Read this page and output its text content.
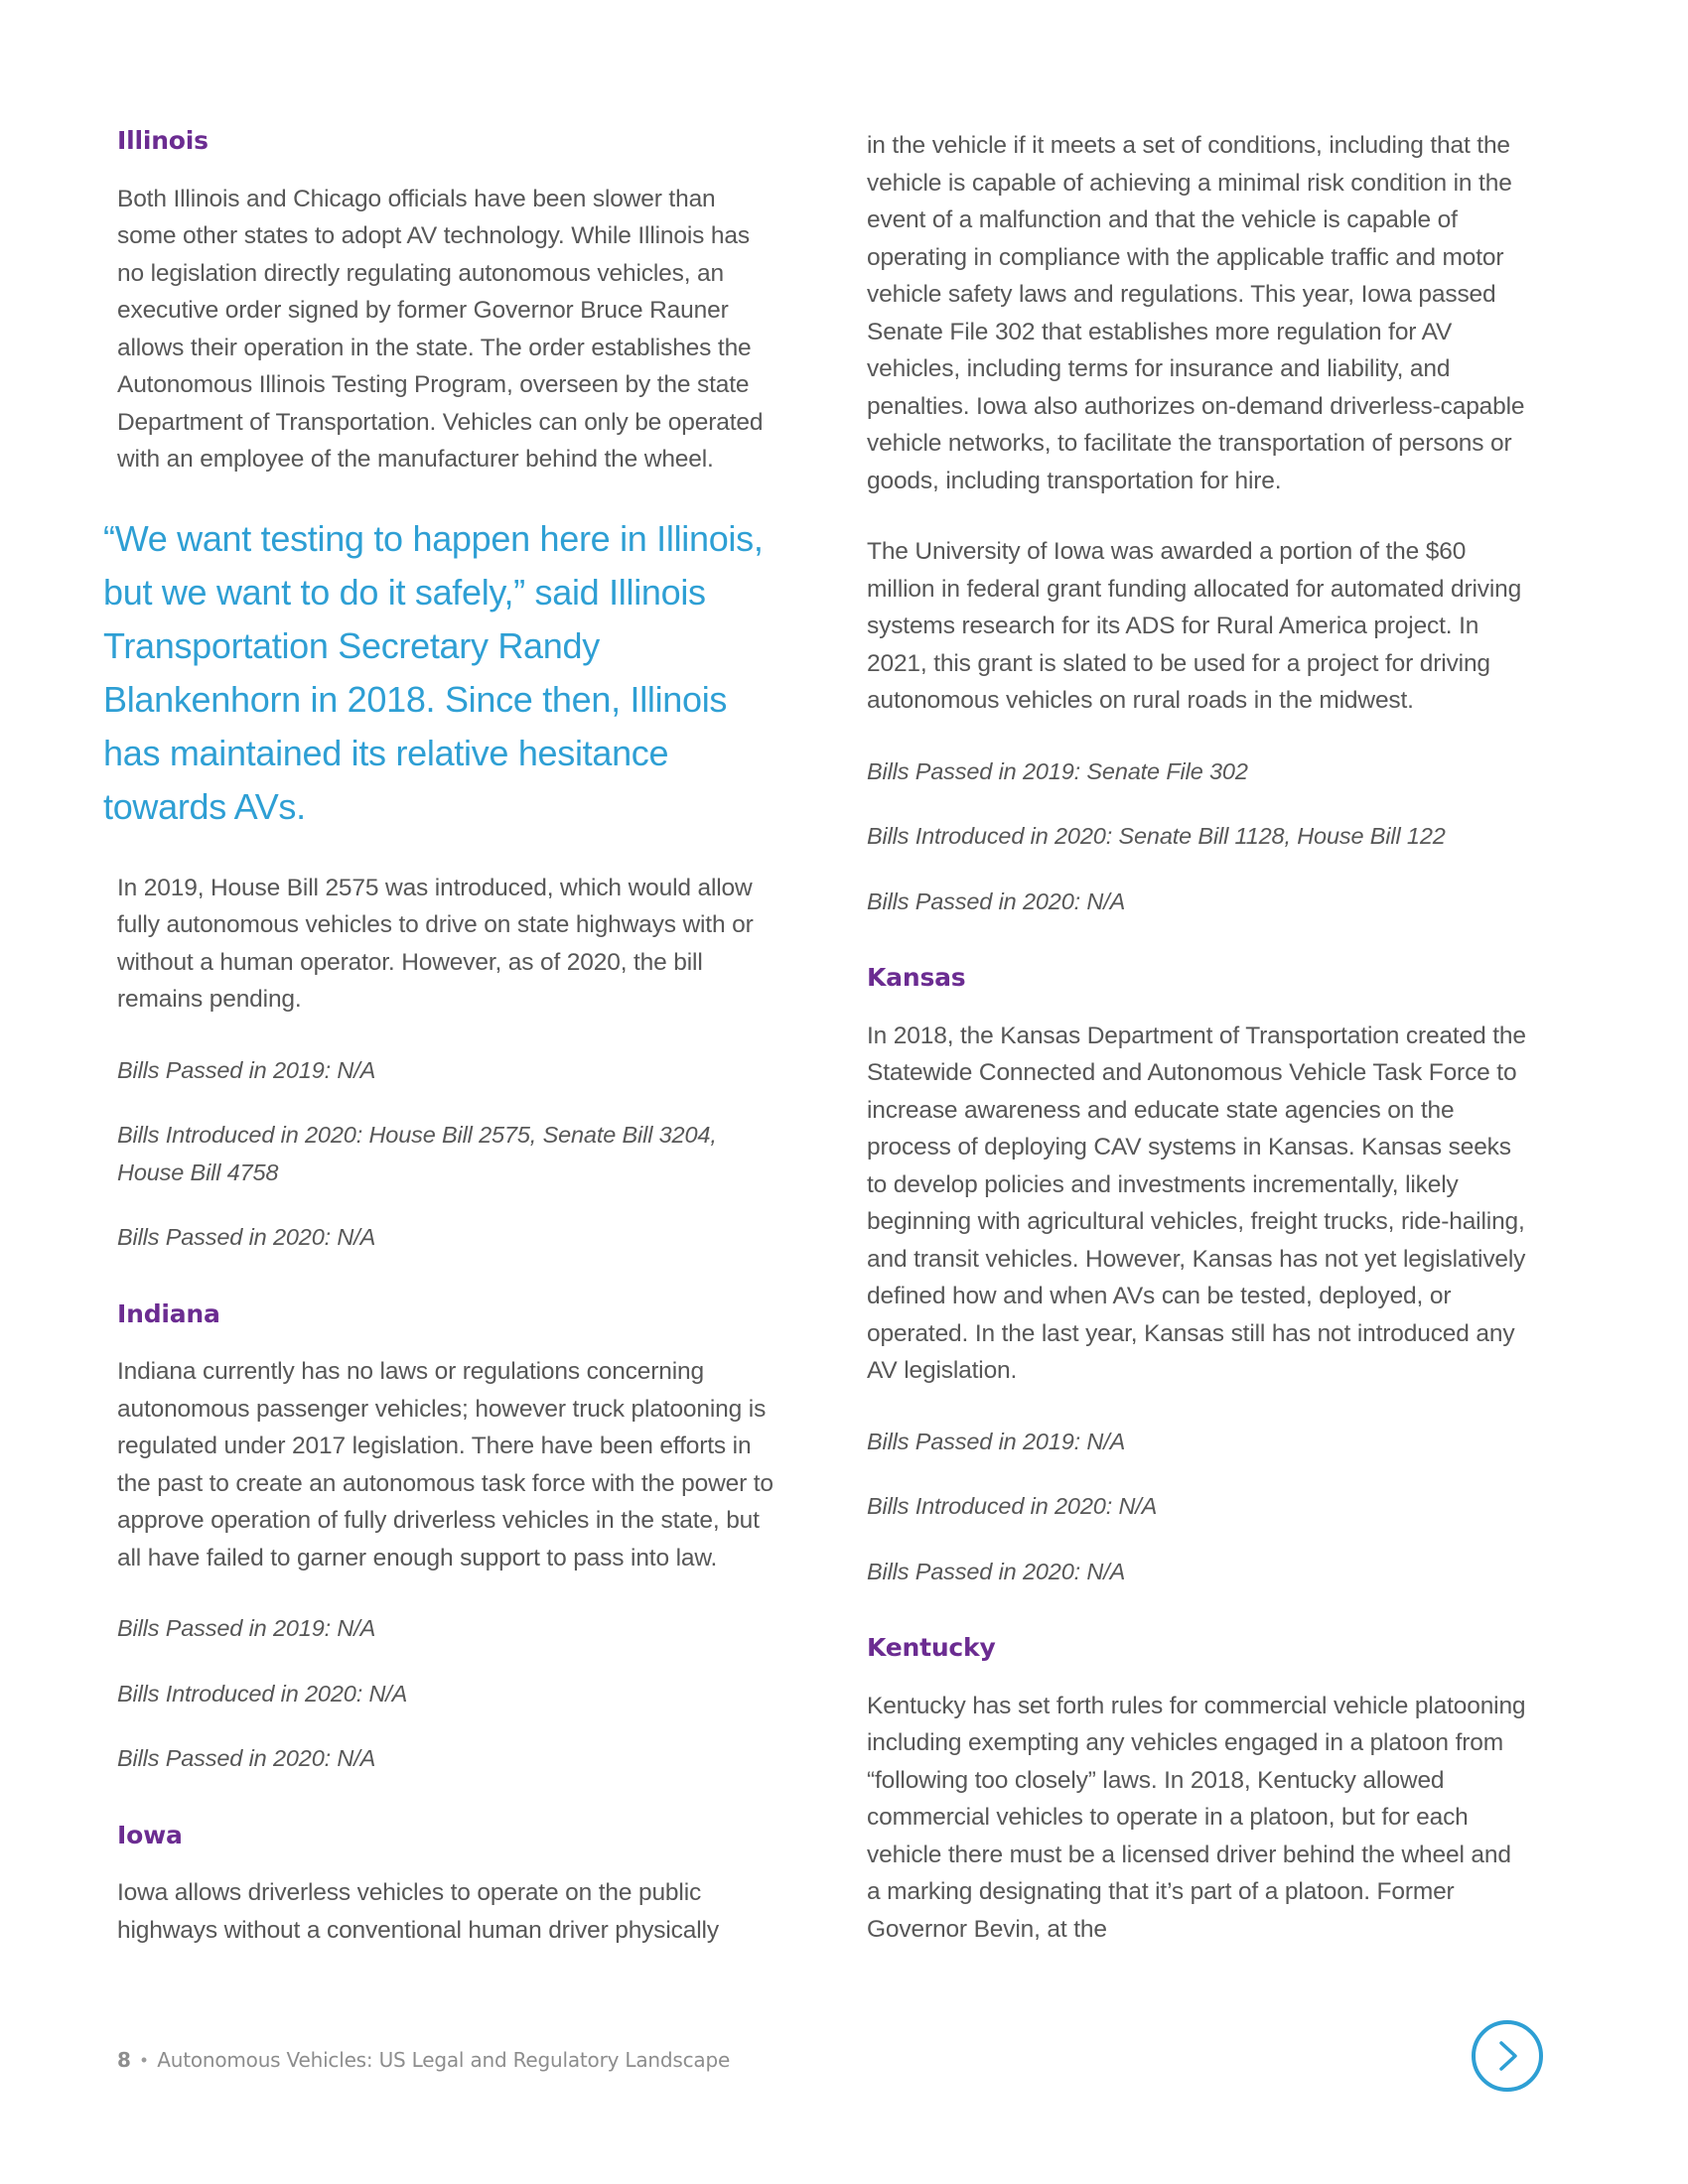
Illinois

Both Illinois and Chicago officials have been slower than some other states to adopt AV technology. While Illinois has no legislation directly regulating autonomous vehicles, an executive order signed by former Governor Bruce Rauner allows their operation in the state. The order establishes the Autonomous Illinois Testing Program, overseen by the state Department of Transportation. Vehicles can only be operated with an employee of the manufacturer behind the wheel.

“We want testing to happen here in Illinois, but we want to do it safely,” said Illinois Transportation Secretary Randy Blankenhorn in 2018. Since then, Illinois has maintained its relative hesitance towards AVs.

In 2019, House Bill 2575 was introduced, which would allow fully autonomous vehicles to drive on state highways with or without a human operator. However, as of 2020, the bill remains pending.

Bills Passed in 2019: N/A

Bills Introduced in 2020: House Bill 2575, Senate Bill 3204, House Bill 4758

Bills Passed in 2020: N/A

Indiana

Indiana currently has no laws or regulations concerning autonomous passenger vehicles; however truck platooning is regulated under 2017 legislation. There have been efforts in the past to create an autonomous task force with the power to approve operation of fully driverless vehicles in the state, but all have failed to garner enough support to pass into law.

Bills Passed in 2019: N/A

Bills Introduced in 2020: N/A

Bills Passed in 2020: N/A

Iowa

Iowa allows driverless vehicles to operate on the public highways without a conventional human driver physically

in the vehicle if it meets a set of conditions, including that the vehicle is capable of achieving a minimal risk condition in the event of a malfunction and that the vehicle is capable of operating in compliance with the applicable traffic and motor vehicle safety laws and regulations. This year, Iowa passed Senate File 302 that establishes more regulation for AV vehicles, including terms for insurance and liability, and penalties. Iowa also authorizes on-demand driverless-capable vehicle networks, to facilitate the transportation of persons or goods, including transportation for hire.

The University of Iowa was awarded a portion of the $60 million in federal grant funding allocated for automated driving systems research for its ADS for Rural America project. In 2021, this grant is slated to be used for a project for driving autonomous vehicles on rural roads in the midwest.

Bills Passed in 2019: Senate File 302

Bills Introduced in 2020: Senate Bill 1128, House Bill 122

Bills Passed in 2020: N/A

Kansas

In 2018, the Kansas Department of Transportation created the Statewide Connected and Autonomous Vehicle Task Force to increase awareness and educate state agencies on the process of deploying CAV systems in Kansas. Kansas seeks to develop policies and investments incrementally, likely beginning with agricultural vehicles, freight trucks, ride-hailing, and transit vehicles. However, Kansas has not yet legislatively defined how and when AVs can be tested, deployed, or operated. In the last year, Kansas still has not introduced any AV legislation.

Bills Passed in 2019: N/A

Bills Introduced in 2020: N/A

Bills Passed in 2020: N/A

Kentucky

Kentucky has set forth rules for commercial vehicle platooning including exempting any vehicles engaged in a platoon from “following too closely” laws. In 2018, Kentucky allowed commercial vehicles to operate in a platoon, but for each vehicle there must be a licensed driver behind the wheel and a marking designating that it’s part of a platoon. Former Governor Bevin, at the

8 • Autonomous Vehicles: US Legal and Regulatory Landscape
